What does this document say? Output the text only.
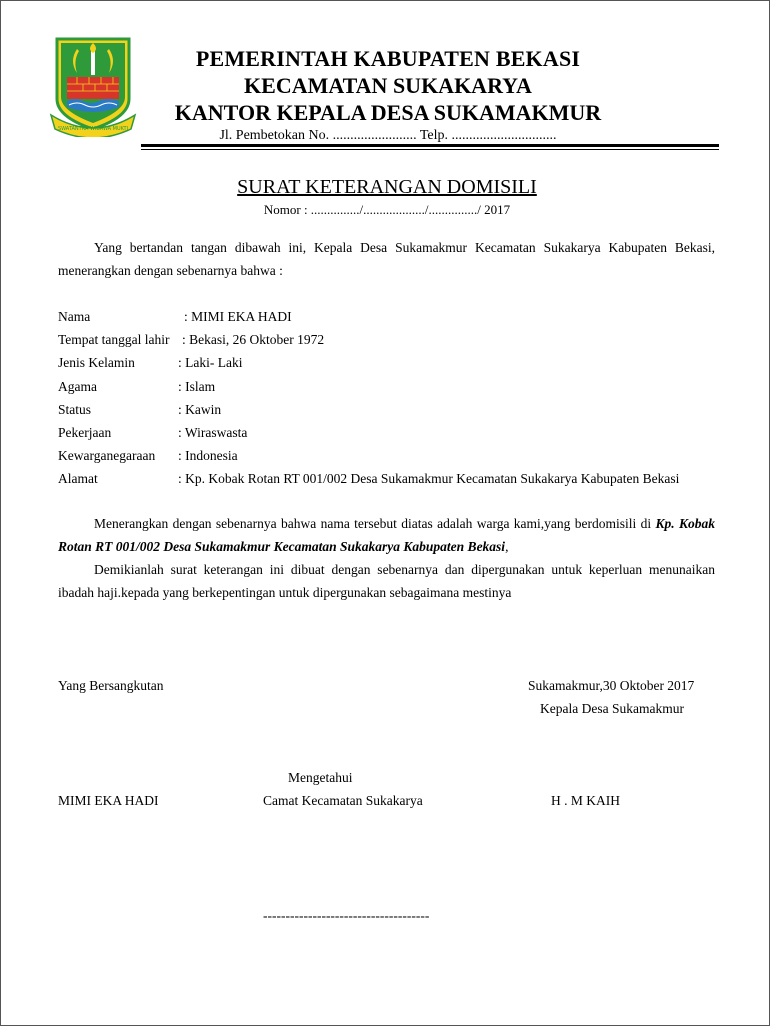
SWATANTRA WIBAWA MUKTI
PEMERINTAH KABUPATEN BEKASI
KECAMATAN SUKAKARYA
KANTOR KEPALA DESA SUKAMAKMUR
Jl. Pembetokan No. ........................ Telp. ..............................
SURAT KETERANGAN DOMISILI
Nomor : .............../.................../.............../ 2017
Yang bertandan tangan dibawah ini, Kepala Desa Sukamakmur Kecamatan Sukakarya Kabupaten Bekasi, menerangkan dengan sebenarnya bahwa :
Nama	: MIMI EKA HADI
Tempat tanggal lahir : Bekasi, 26 Oktober 1972
Jenis Kelamin	: Laki- Laki
Agama	: Islam
Status	: Kawin
Pekerjaan	: Wiraswasta
Kewarganegaraan : Indonesia
Alamat	: Kp. Kobak Rotan RT 001/002 Desa Sukamakmur Kecamatan Sukakarya Kabupaten Bekasi
Menerangkan dengan sebenarnya bahwa nama tersebut diatas adalah warga kami,yang berdomisili di Kp. Kobak Rotan RT 001/002 Desa Sukamakmur Kecamatan Sukakarya Kabupaten Bekasi,
Demikianlah surat keterangan ini dibuat dengan sebenarnya dan dipergunakan untuk keperluan menunaikan ibadah haji.kepada yang berkepentingan untuk dipergunakan sebagaimana mestinya
Yang Bersangkutan	Sukamakmur,30 Oktober 2017
Kepala Desa Sukamakmur
Mengetahui
MIMI EKA HADI	Camat Kecamatan Sukakarya	H . M KAIH
-------------------------------------
